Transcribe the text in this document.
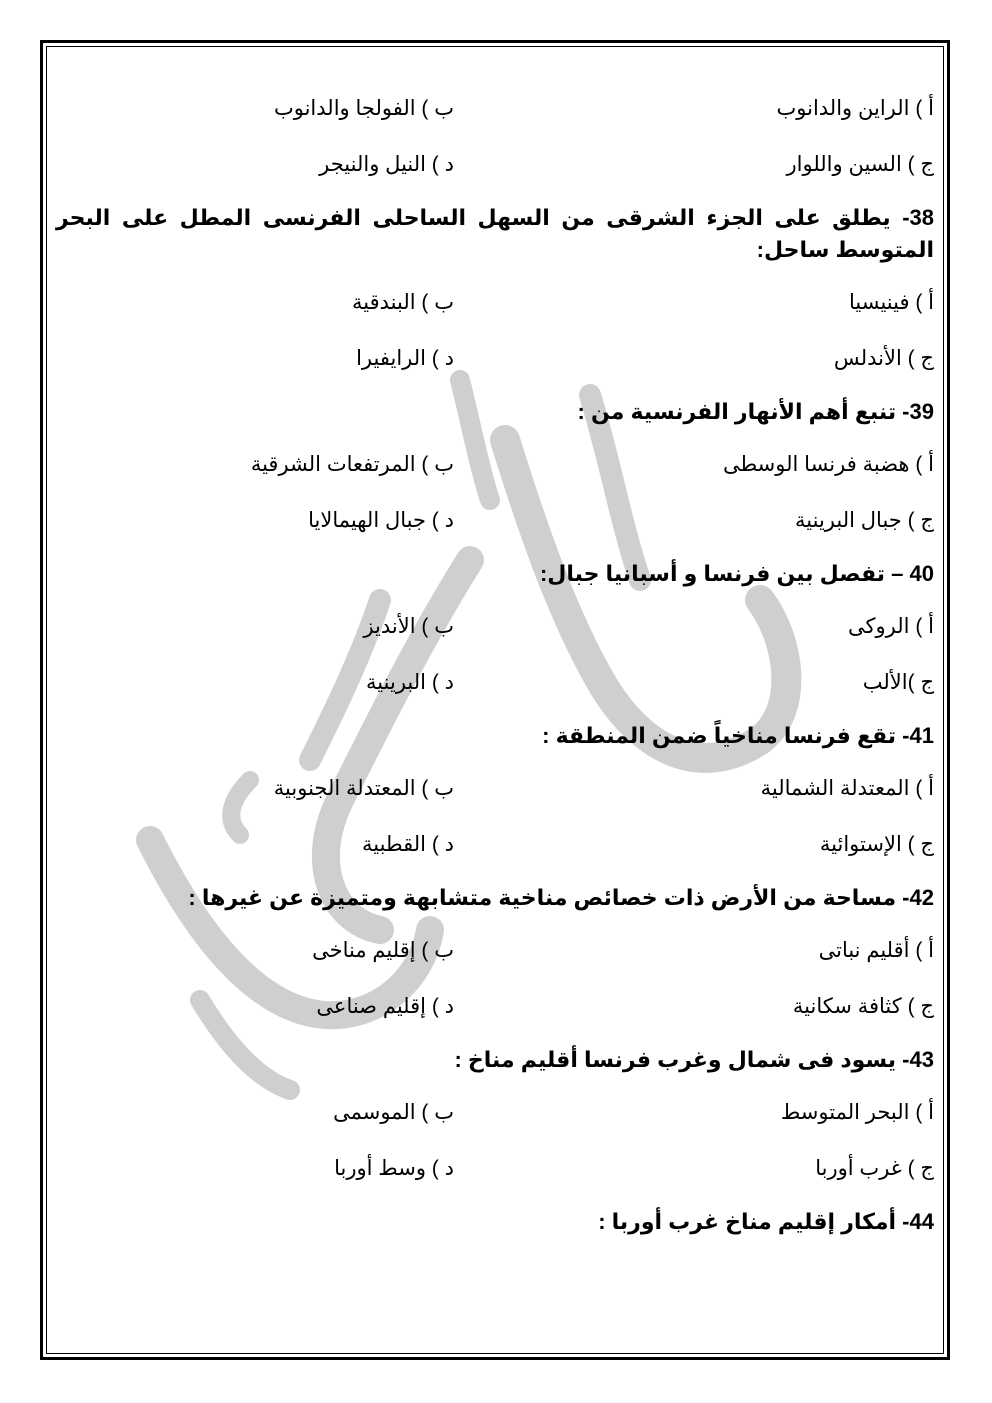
أ ) الراين والدانوب
ب ) الفولجا والدانوب
ج ) السين واللوار
د ) النيل والنيجر
38- يطلق على الجزء الشرقى من السهل الساحلى الفرنسى المطل على البحر المتوسط ساحل:
أ ) فينيسيا
ب ) البندقية
ج ) الأندلس
د ) الرايفيرا
39- تنبع أهم الأنهار الفرنسية من :
أ ) هضبة فرنسا الوسطى
ب ) المرتفعات الشرقية
ج ) جبال البرينية
د ) جبال الهيمالايا
40 – تفصل بين فرنسا و أسبانيا جبال:
أ ) الروكى
ب ) الأنديز
ج )الألب
د ) البرينية
41- تقع فرنسا مناخياً ضمن المنطقة :
أ ) المعتدلة الشمالية
ب ) المعتدلة الجنوبية
ج ) الإستوائية
د ) القطبية
42- مساحة من الأرض ذات خصائص مناخية متشابهة ومتميزة عن غيرها :
أ ) أقليم نباتى
ب ) إقليم مناخى
ج ) كثافة سكانية
د ) إقليم صناعى
43- يسود فى شمال وغرب فرنسا أقليم مناخ :
أ ) البحر المتوسط
ب ) الموسمى
ج ) غرب أوربا
د ) وسط أوربا
44- أمكار إقليم مناخ غرب أوربا :
